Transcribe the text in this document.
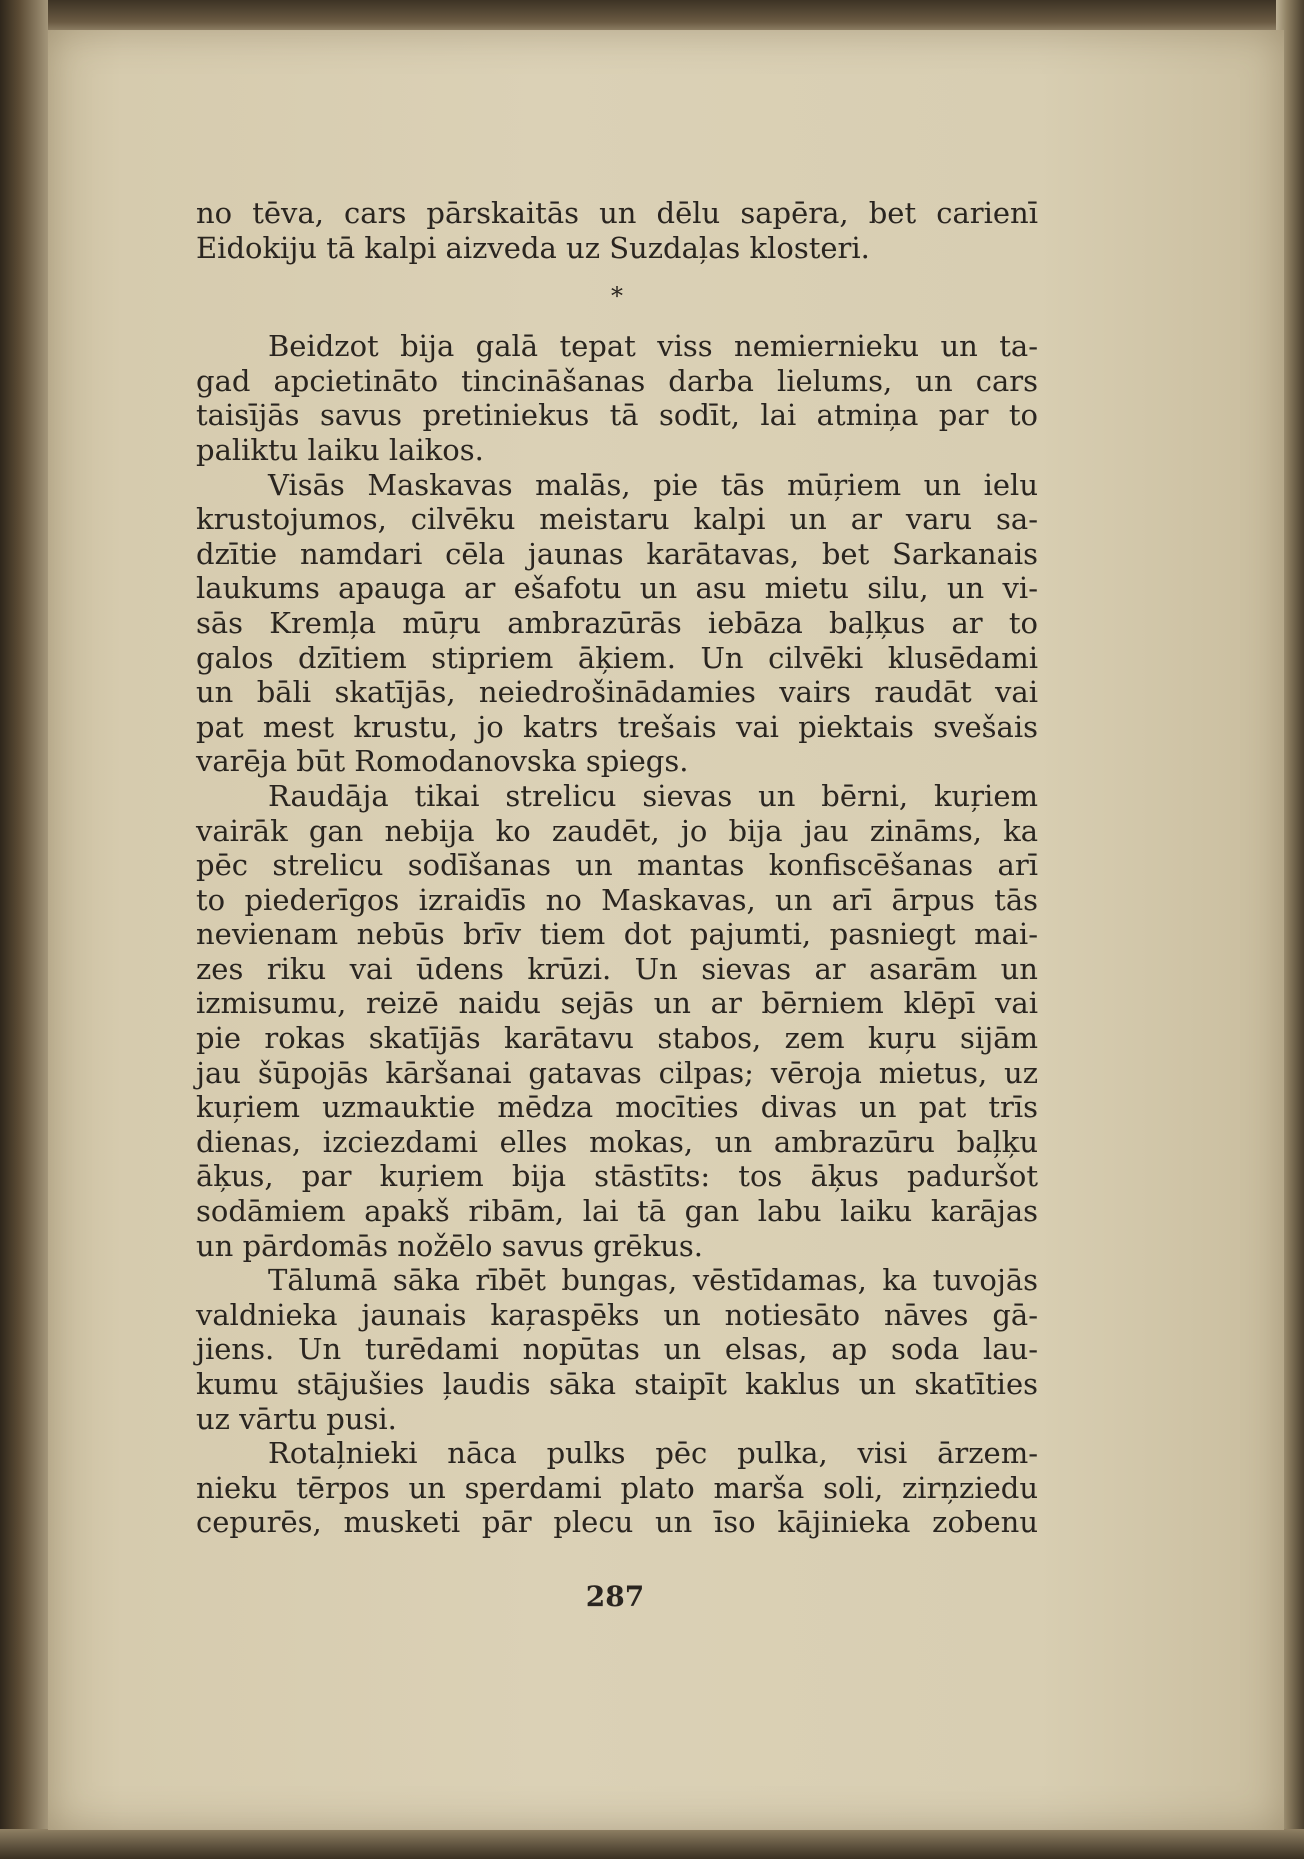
no tēva, cars pārskaitās un dēlu sapēra, bet carienī
Eidokiju tā kalpi aizveda uz Suzdaļas klosteri.

*

Beidzot bija galā tepat viss nemiernieku un ta-
gad apcietināto tincināšanas darba lielums, un cars
taisījās savus pretiniekus tā sodīt, lai atmiņa par to
paliktu laiku laikos.

Visās Maskavas malās, pie tās mūŗiem un ielu
krustojumos, cilvēku meistaru kalpi un ar varu sa-
dzītie namdari cēla jaunas karātavas, bet Sarkanais
laukums apauga ar ešafotu un asu mietu silu, un vi-
sās Kremļa mūŗu ambrazūrās iebāza baļķus ar to
galos dzītiem stipriem āķiem. Un cilvēki klusēdami
un bāli skatījās, neiedrošinādamies vairs raudāt vai
pat mest krustu, jo katrs trešais vai piektais svešais
varēja būt Romodanovska spiegs.

Raudāja tikai strelicu sievas un bērni, kuŗiem
vairāk gan nebija ko zaudēt, jo bija jau zināms, ka
pēc strelicu sodīšanas un mantas konfiscēšanas arī
to piederīgos izraidīs no Maskavas, un arī ārpus tās
nevienam nebūs brīv tiem dot pajumti, pasniegt mai-
zes riku vai ūdens krūzi. Un sievas ar asarām un
izmisumu, reizē naidu sejās un ar bērniem klēpī vai
pie rokas skatījās karātavu stabos, zem kuŗu sijām
jau šūpojās kāršanai gatavas cilpas; vēroja mietus, uz
kuŗiem uzmauktie mēdza mocīties divas un pat trīs
dienas, izciezdami elles mokas, un ambrazūru baļķu
āķus, par kuŗiem bija stāstīts: tos āķus paduršot
sodāmiem apakš ribām, lai tā gan labu laiku karājas
un pārdomās nožēlo savus grēkus.

Tālumā sāka rībēt bungas, vēstīdamas, ka tuvojās
valdnieka jaunais kaŗaspēks un notiesāto nāves gā-
jiens. Un turēdami nopūtas un elsas, ap soda lau-
kumu stājušies ļaudis sāka staipīt kaklus un skatīties
uz vārtu pusi.

Rotaļnieki nāca pulks pēc pulka, visi ārzem-
nieku tērpos un sperdami plato marša soli, zirņziedu
cepurēs, musketi pār plecu un īso kājinieka zobenu

287
